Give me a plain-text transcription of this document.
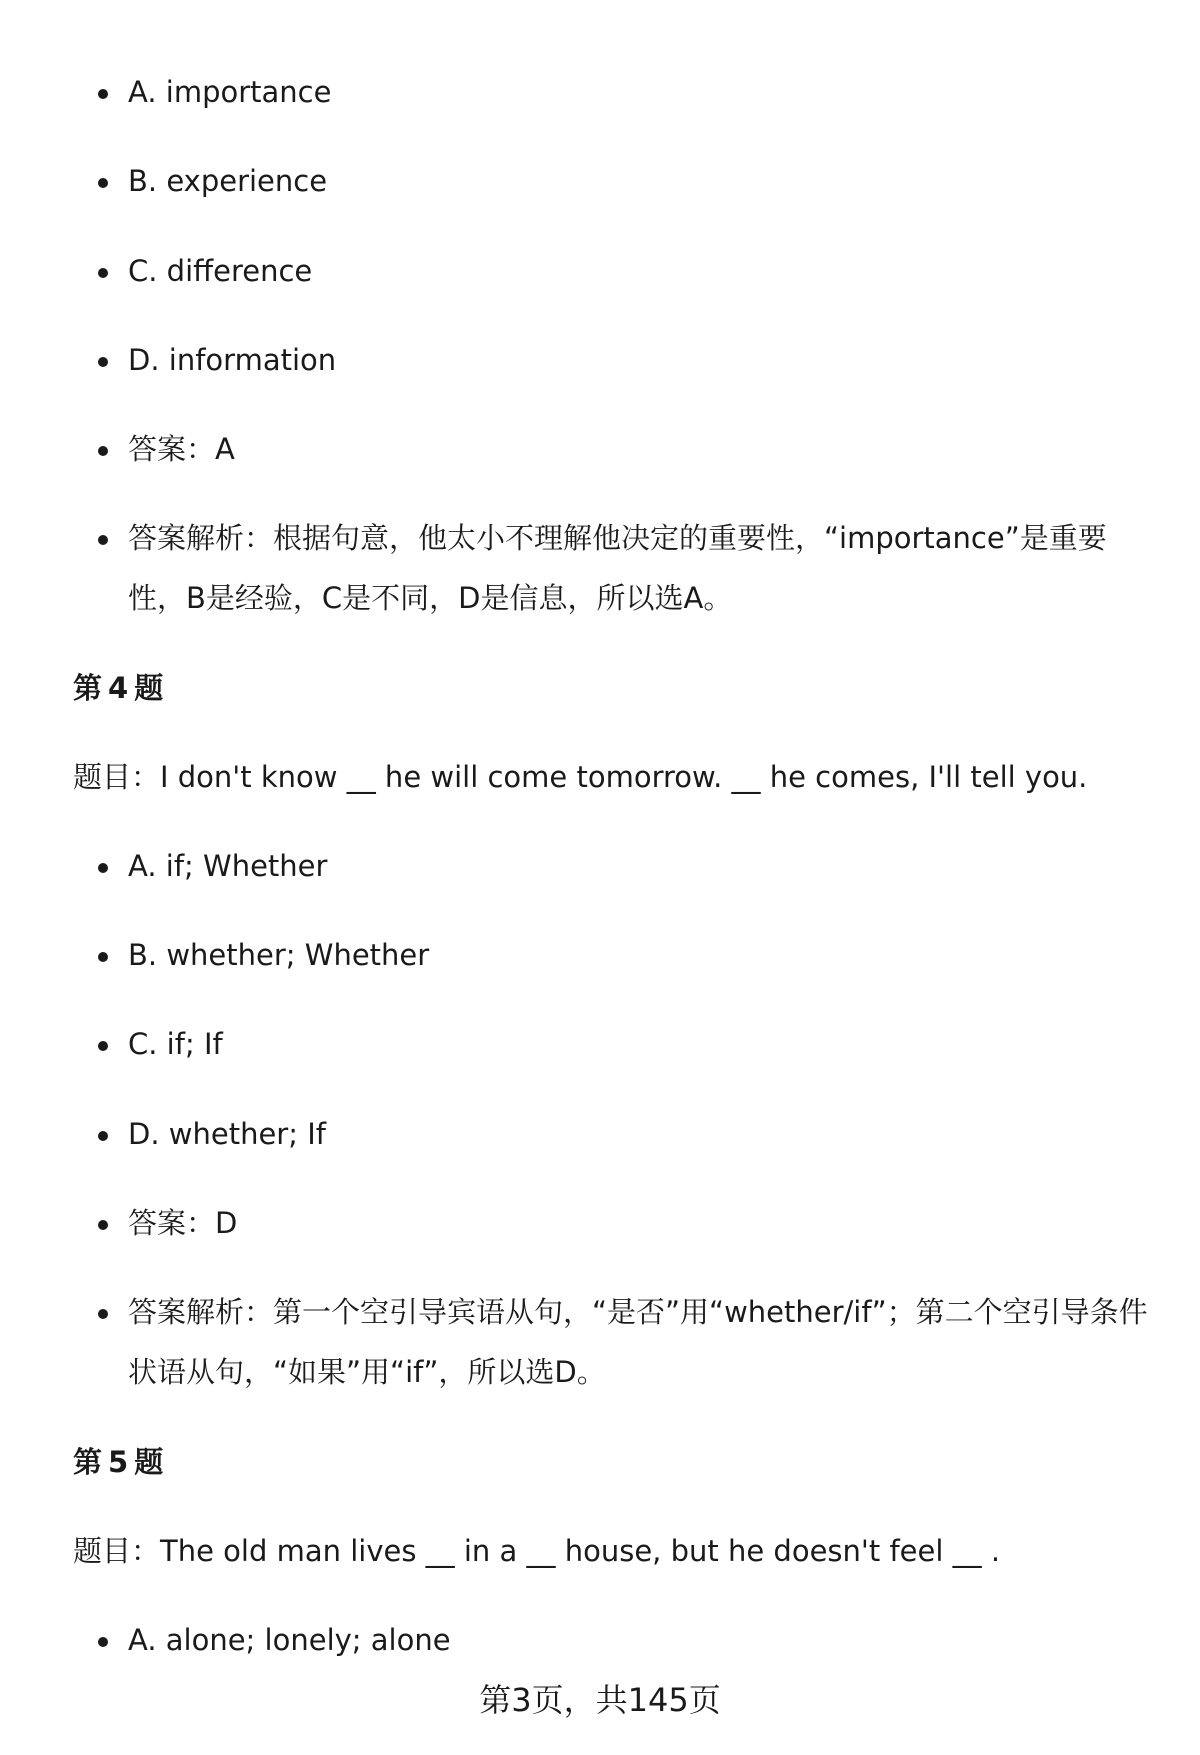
A. importance
B. experience
C. difference
D. information
答案：A
答案解析：根据句意，他太小不理解他决定的重要性，“importance”是重要性，B是经验，C是不同，D是信息，所以选A。
第 4 题
题目：I don't know __ he will come tomorrow. __ he comes, I'll tell you.
A. if; Whether
B. whether; Whether
C. if; If
D. whether; If
答案：D
答案解析：第一个空引导宾语从句，“是否”用“whether/if”；第二个空引导条件状语从句，“如果”用“if”，所以选D。
第 5 题
题目：The old man lives __ in a __ house, but he doesn't feel __ .
A. alone; lonely; alone
第3页，共145页
